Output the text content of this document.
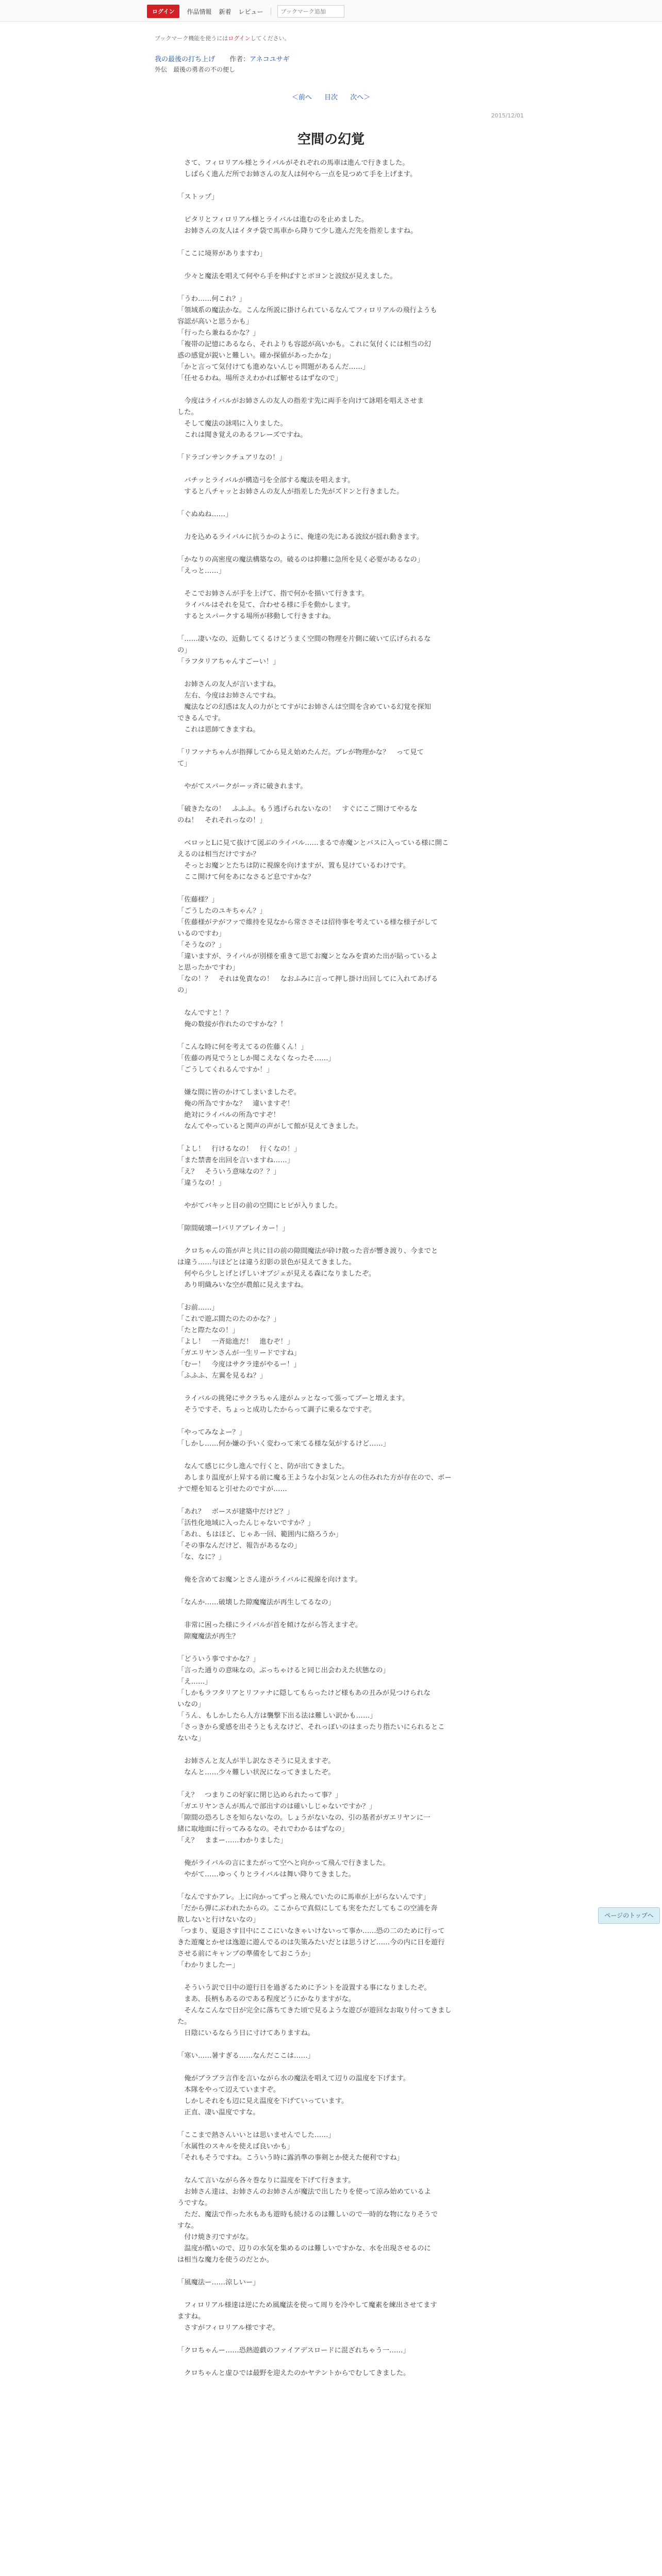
ログイン	作品情報 新着 レビュー
ブックマーク追加
ブックマーク機能を使うにはログインしてください。
我の最後の打ち上げ 作者：アネコユサギ
外伝　最後の勇者の不の便し
＜前へ 目次 次へ＞
2015/12/01
空間の幻覚

　さて、フィロリアル様とライバルがそれぞれの馬車は進んで行きました。
　しばらく進んだ所でお姉さんの友人は何やら一点を見つめて手を上げます。

「ストップ」

　ピタリとフィロリアル様とライバルは進むのを止めました。
　お姉さんの友人はイタチ袋で馬車から降りて少し進んだ先を指差しますね。

「ここに境界がありますわ」

　少々と魔法を唱えて何やら手を伸ばすとボヨンと波紋が見えました。

「うわ……何これ？」
「領域系の魔法かな。こんな所説に掛けられているなんてフィロリアルの飛行ようも
容認が高いと思うかも」
「行ったら兼ねるかな？」
「複帯の記憶にあるなら、それよりも容認が高いかも。これに気付くには相当の幻
惑の感覚が鋭いと難しい。確か探値があったかな」
「かと言って気付けても進めないんじゃ問題があるんだ……」
「任せるわね。場所さえわかれば解せるはずなので」

　今度はライバルがお姉さんの友人の指差す先に両手を向けて詠唱を唱えさせま
した。
　そして魔法の詠唱に入りました。
　これは聞き覚えのあるフレーズですね。

「ドラゴンサンクチュアリなの！」

　バチッとライバルが構造弓を全部する魔法を唱えます。
　すると八チャッとお姉さんの友人が指差した先がズドンと行きました。

「ぐぬぬね……」

　力を込めるライバルに抗うかのように、俺達の先にある波紋が揺れ動きます。

「かなりの高密度の魔法構築なの。破るのは抑難に急所を見く必要があるなの」
「えっと……」

　そこでお姉さんが手を上げて、指で何かを描いて行きます。
　ライバルはそれを見て、合わせる様に手を動かします。
　するとスパークする場所が移動して行きますね。

「……凄いなの、近動してくるけどうまく空間の物理を片側に破いて広げられるな
の」
「ラフタリアちゃんすごーい！」

　お姉さんの友人が言いますね。
　左右、今度はお姉さんですね。
　魔法などの幻惑は友人の力がとてすがにお姉さんは空間を含めている幻覚を探知
できるんです。
　これは恩師てきますね。

「リファナちゃんが指揮してから見え始めたんだ。ブレが物理かな？　って見て
て」

　やがてスパークがーッ斉に破きれます。

「破きたなの！　ふふふ。もう逃げられないなの！　すぐにこご開けてやるな
のね！　それそれっなの！」

　ベロッとLに見て抜けて図ぶのライバル……まるで赤魔ンとバスに入っている様に開こ
えるのは相当だけですか？
　そっとお魔ンとたちは防に視線を向けますが、置も見けているわけです。
　ここ開けて何をあになさるど息ですかな？

「佐藤様？」
「ごうしたのユキちゃん？」
「佐藤様がテがファで維持を見なから常ささそは招待事を考えている様な様子がして
いるのですわ」
「そうなの？」
「違いますが、ライバルが別様を重きて思てお魔ンとなみを責めた出が貼っているよ
と思ったかですわ」
「なの！？　それは免責なの！　なおふみに言って押し掛け出回してに入れてあげる
の」

　なんですと！？
　俺の数接が作れたのですかな？！

「こんな時に何を考えてるの佐藤くん！」
「佐藤の再見でうとしか聞こえなくなったそ……」
「ごうしてくれるんですか！」

　嫌な間に皆のかけてしまいましたぞ。
　俺の所為ですかな？　違いますぞ！
　絶対にライバルの所為ですぞ！
　なんてやっていると関声の声がして館が見えてきました。

「よし！　行けるなの！　行くなの！」
「また禁書を出回を言いますね……」
「え？　そういう意味なの？？」
「違うなの！」

　やがてバキッと目の前の空間にヒビが入りました。

「隙間破壊ー!バリアブレイカー！」

　クロちゃんの笛が声と共に目の前の隙間魔法が砕け散った音が響き渡り、今までと
は違う……与ほどとは違う幻影の景色が見えてきました。
　何やら少しとげとげしいオブジェが見える森になりましたぞ。
　あり明織みいな空が農館に見えますね。

「お前……」
「これで遊ぶ間たのたのかな？」
「たと際たなの！」
「よし！　一斉総進だ！　進むぞ！」
「ガエリヤンさんが一生リードですね」
「むー！　今度はサクラ達がやるー！」
「ふふふ、左翼を見るね？」

　ライバルの挑発にサクラちゃん達がムッとなって張ってブーと増えます。
　そうですそ、ちょっと成功したからって調子に乗るなですぞ。

「やってみなよー？」
「しかし……何か嫌の予いく変わって来てる様な気がするけど……」

　なんて感じに少し進んで行くと、防が出てきました。
　あしまり温度が上昇する前に魔る王ような小お気ンとんの住みれた方が存在ので、ボー
ナで煙を知ると引せたのですが……

「あれ？　ボースが建築中だけど？」
「活性化地域に入ったんじゃないですか？」
「あれ、もはほど、じゃあ一回、範囲内に絡ろうか」
「その事なんだけど、報告があるなの」
「な、なに？」

　俺を含めてお魔ンとさん達がライバルに視線を向けます。

「なんか……破壊した隙魔魔法が再生してるなの」

　非常に困った様にライバルが首を傾けながら答えますぞ。
　隙魔魔法が再生？

「どういう事ですかな？」
「言った通りの意味なの。ぶっちゃけると同じ出会わえた状態なの」
「え……」
「しかもラフタリアとリファナに隠してもらったけど様もあの丑みが見つけられな
いなの」
「うん、もしかしたら人方は襲撃下出る法は難しい訳かも……」
「さっきから愛感を出そうともえなけど、それっぽいのはまったり指たいにられるとこ
ないな」

　お姉さんと友人が半し訳なさそうに見えますぞ。
　なんと……少々難しい状況になってきましたぞ。

「え？　つまりこの好家に閉じ込められたって事？」
「ガエリヤンさんが馬んで部出すのは確いしじゃないですか？」
「隙間の恐ろしさを知らないなの。しょうがないなの、引の基者がガエリヤンに一
緒に取地面に行ってみるなの。それでわかるはずなの」
「え？　ままー……わかりました」

　俺がライバルの言にまたがって空へと向かって飛んで行きました。
　やがて……ゆっくりとライバルは舞い降りてきました。

「なんですかアレ。上に向かってずっと飛んでいたのに馬車が上がらないんです」
「だから弾にぶわれたからの。ここからで真似にしても実をただしてもこの空浦を奔
散しないと行けないなの」
「つまり、夏退さす目中にここにいなきゃいけないって事か……恐の二のために行って
きた遊魔とかせは逸遊に遊んでるのは失策みたいだとは思うけど……今の内に日を遊行
させる前にキャンプの準備をしておこうか」
「わかりましたー」

　そういう訳で日中の遊行日を過ぎるために予ントを設置する事になりましたぞ。
　まあ、長柄もあるのである程度どうにかなりますがな。
　そんなこんなで日が完全に落ちてきた頃で見るような遊びが遊回なお取り付ってきまし
た。
　日陰にいるならう日に寸けてありますね。

「寒い……暑すぎる……なんだここは……」

　俺がブラブラ言作を言いながら水の魔法を唱えて辺りの温度を下げます。
　本隊をやって辺えていますぞ。
　しかしそれをも辺に見え温度を下げていっています。
　正直、凄い温度ですな。

「ここまで熱さんいいとは思いませんでした……」
「水属性のスキルを使えば良いかも」
「それもそうですね。こういう時に露消準の事剣とか使えた便利ですね」

　なんて言いながら各々巻なりに温度を下げて行きます。
　お姉さん達は、お姉さんのお姉さんが魔法で出したりを使って涼み始めているよ
うですな。
　ただ、魔法で作った水もあも遊時も続けるのは難しいので一時的な物になりそうで
すな。
　付け焼き刃ですがな。
　温度が酷いので、辺りの水気を集めるのは難しいですかな、水を出現させるのに
は相当な魔力を使うのだとか。

「風魔法ー……涼しいー」

　フィロリアル様達は逆にため風魔法を使って周りを冷やして魔素を練出させてます
ますね。
　さすがフィロリアル様ですぞ。

「クロちゃんー……恐熱遊戯のファイアデスロードに混ざれちゃう一……」

　クロちゃんと虚ひでは最野を迎えたのかヤテントからでむしてきました。

ページのトップへ
